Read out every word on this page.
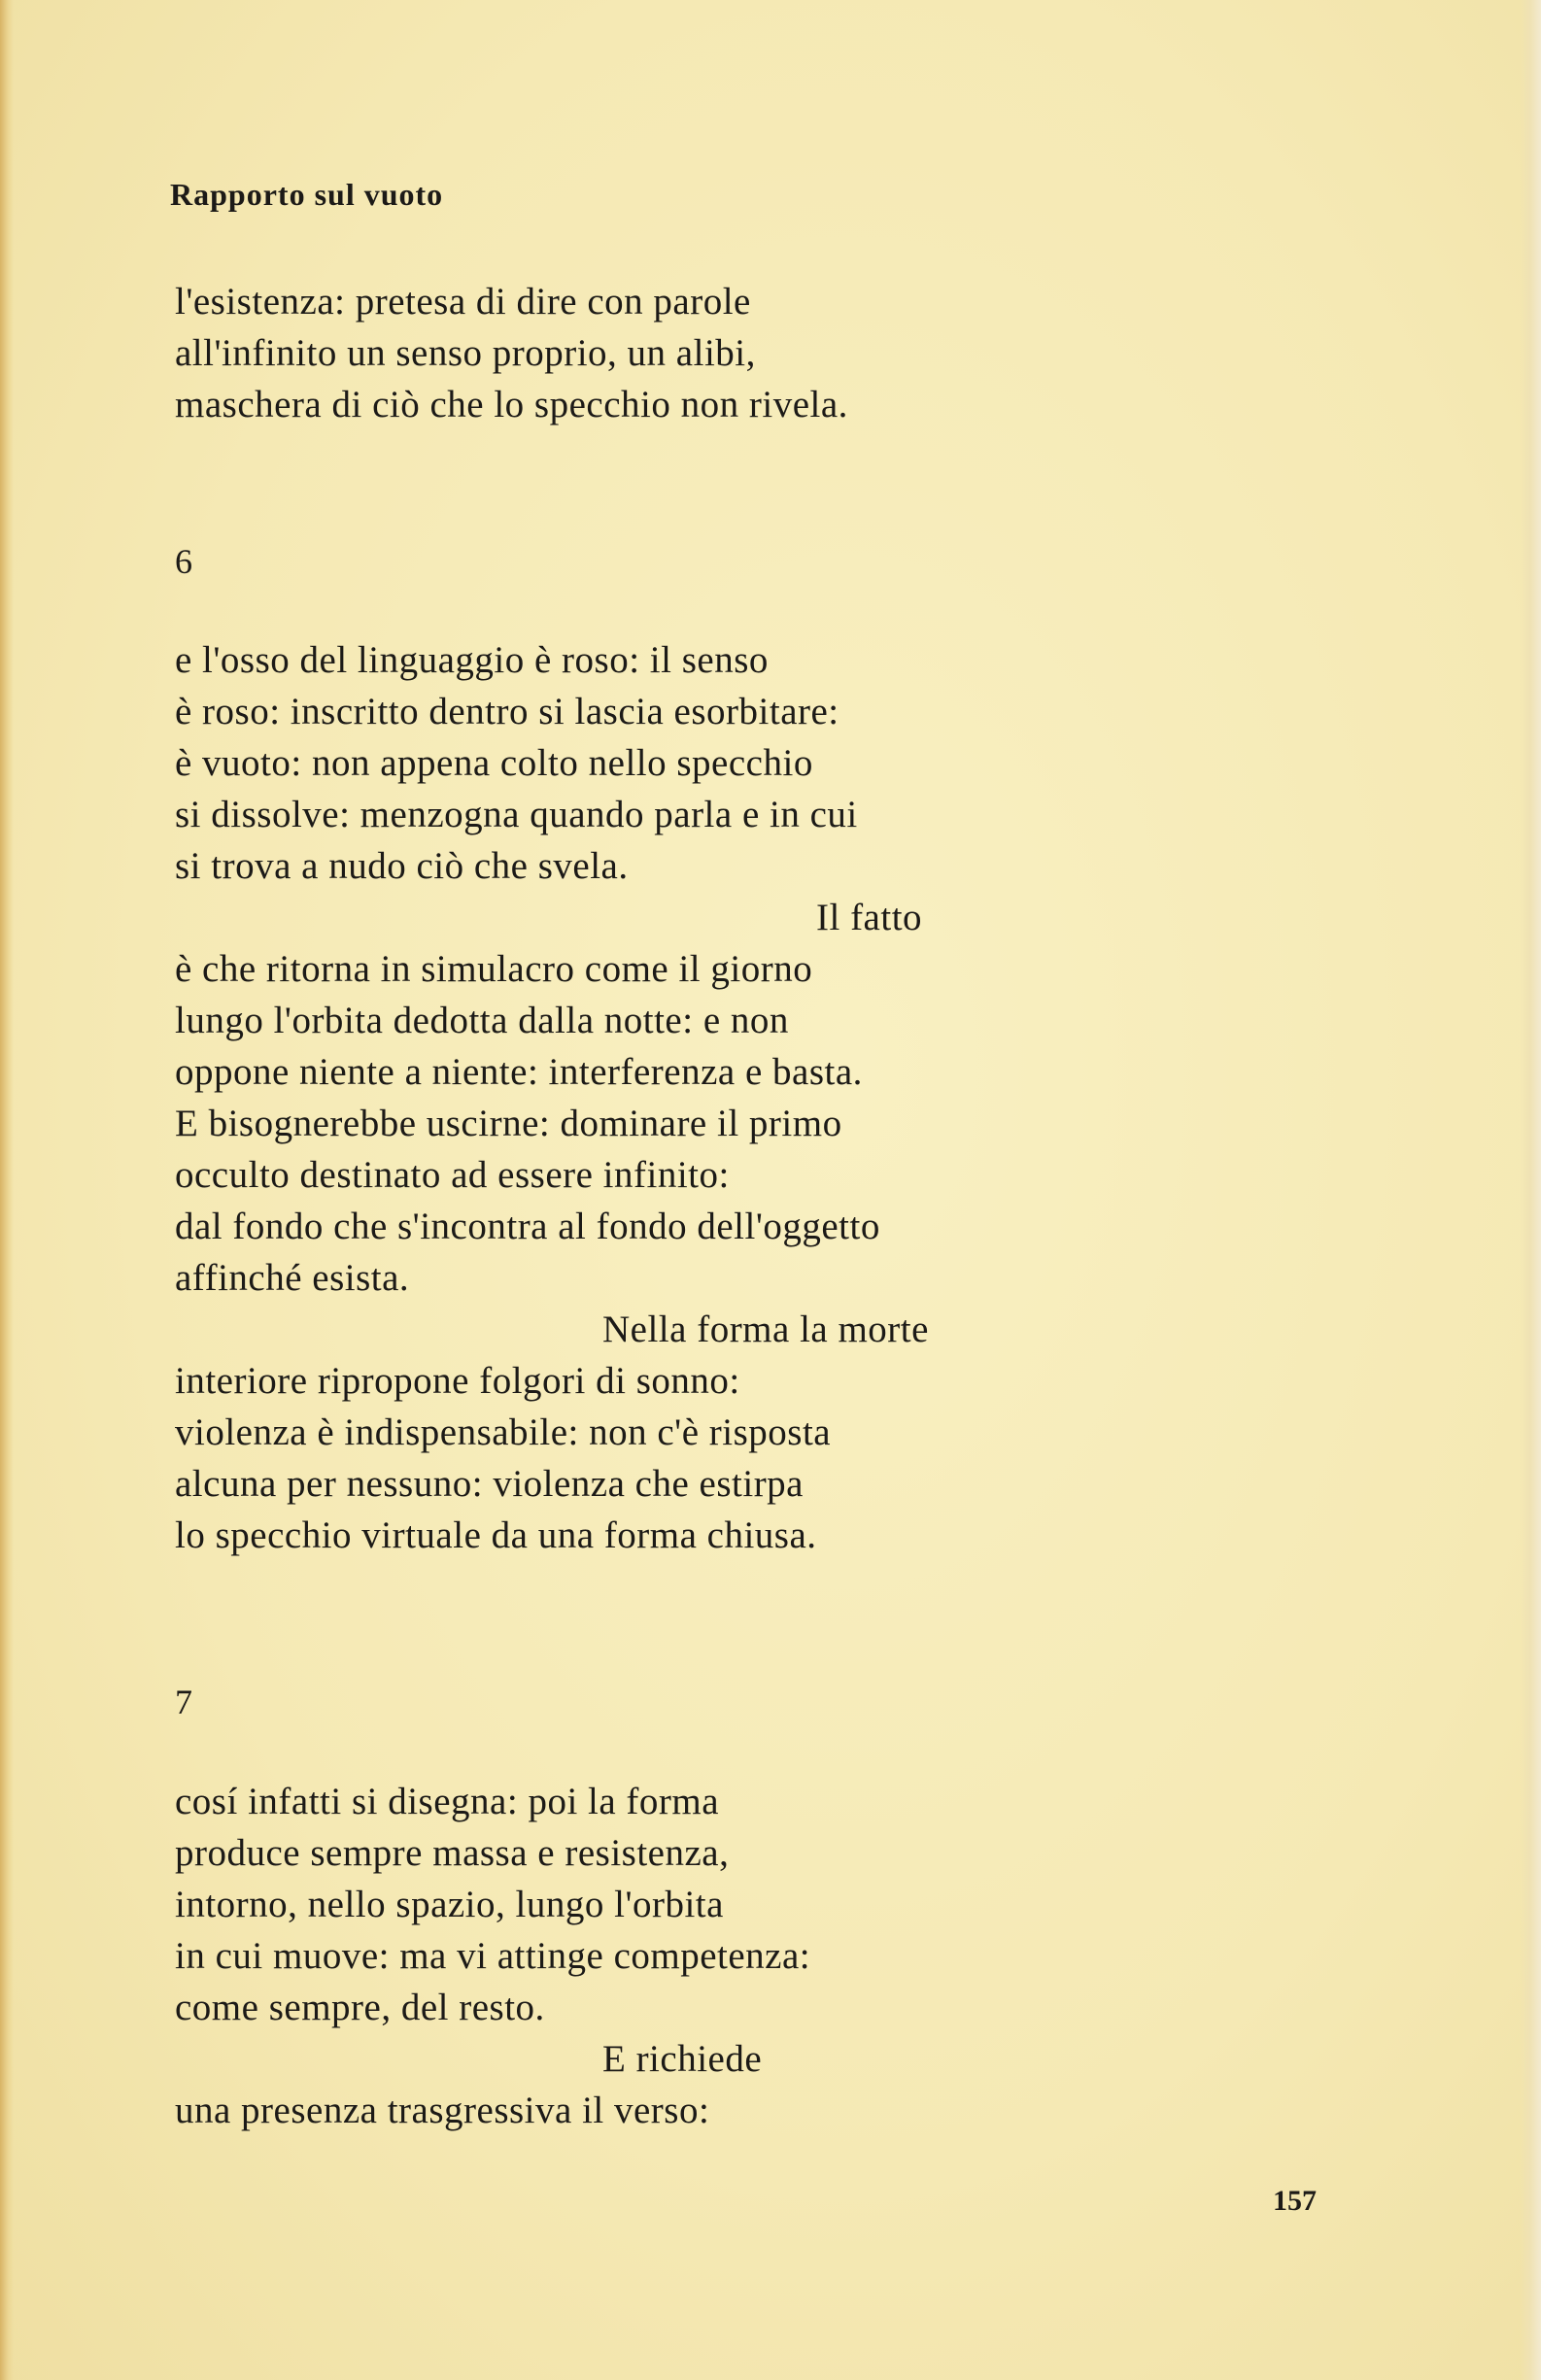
Rapporto sul vuoto

l'esistenza: pretesa di dire con parole

all'infinito un senso proprio, un alibi,

maschera di ciò che lo specchio non rivela.

6

e l'osso del linguaggio è roso: il senso

è roso: inscritto dentro si lascia esorbitare:

è vuoto: non appena colto nello specchio

si dissolve: menzogna quando parla e in cui

si trova a nudo ciò che svela.

Il fatto

è che ritorna in simulacro come il giorno

lungo l'orbita dedotta dalla notte: e non

oppone niente a niente: interferenza e basta.

E bisognerebbe uscirne: dominare il primo

occulto destinato ad essere infinito:

dal fondo che s'incontra al fondo dell'oggetto

affinché esista.

Nella forma la morte

interiore ripropone folgori di sonno:

violenza è indispensabile: non c'è risposta

alcuna per nessuno: violenza che estirpa

lo specchio virtuale da una forma chiusa.

7

cosí infatti si disegna: poi la forma

produce sempre massa e resistenza,

intorno, nello spazio, lungo l'orbita

in cui muove: ma vi attinge competenza:

come sempre, del resto.

E richiede

una presenza trasgressiva il verso:

157
